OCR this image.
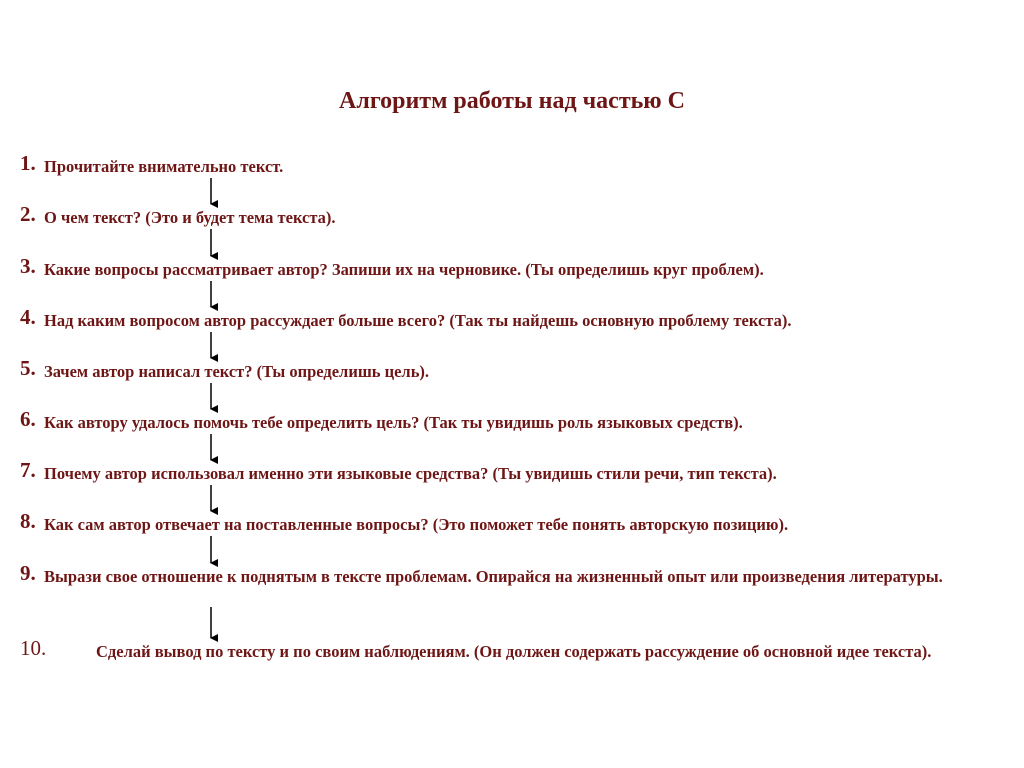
Алгоритм работы над частью С
1. Прочитайте внимательно текст.
2. О чем текст? (Это и будет тема текста).
3. Какие вопросы рассматривает автор? Запиши их на черновике. (Ты определишь круг проблем).
4. Над каким вопросом автор рассуждает больше всего? (Так ты найдешь основную проблему текста).
5. Зачем автор написал текст? (Ты определишь цель).
6. Как автору удалось помочь тебе определить цель? (Так ты увидишь роль языковых средств).
7. Почему автор использовал именно эти языковые средства? (Ты увидишь стили речи, тип текста).
8. Как сам автор отвечает на поставленные вопросы? (Это поможет тебе понять авторскую позицию).
9. Вырази свое отношение к поднятым в тексте проблемам. Опирайся на жизненный опыт или произведения литературы.
10.	Сделай вывод по тексту и по своим наблюдениям. (Он должен содержать рассуждение об основной идее текста).
